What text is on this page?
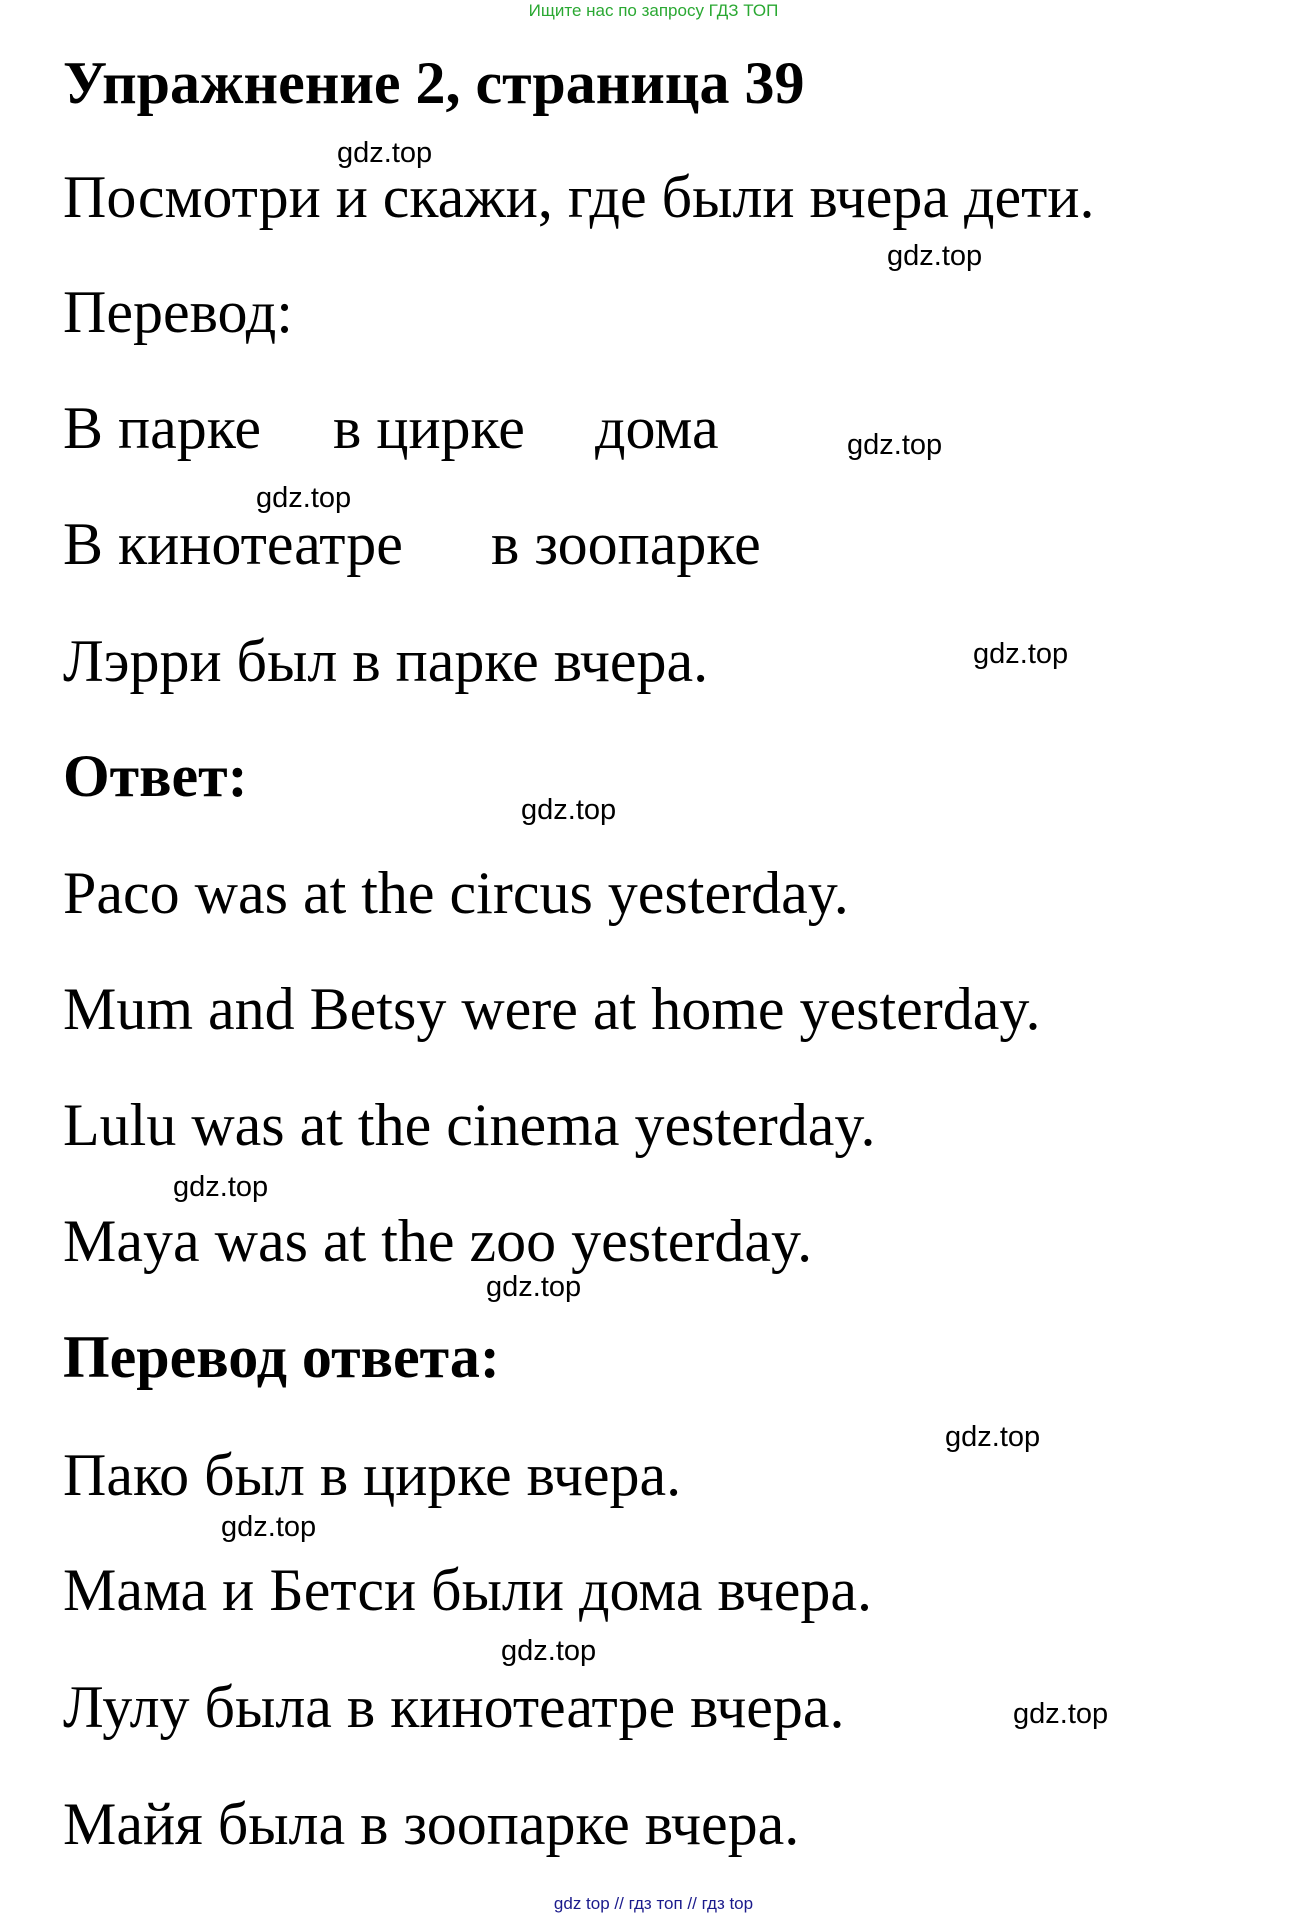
Ищите нас по запросу ГДЗ ТОП
Упражнение 2, страница 39
gdz.top
Посмотри и скажи, где были вчера дети.
gdz.top
Перевод:
В парке в цирке дома	gdz.top
gdz.top
В кинотеатре в зоопарке
Лэрри был в парке вчера.	gdz.top
Ответ:
gdz.top
Paco was at the circus yesterday.
Mum and Betsy were at home yesterday.
Lulu was at the cinema yesterday.
gdz.top
Maya was at the zoo yesterday.
gdz.top
Перевод ответа:
gdz.top
Пако был в цирке вчера.
gdz.top
Мама и Бетси были дома вчера.
gdz.top
Лулу была в кинотеатре вчера.	gdz.top
Майя была в зоопарке вчера.
gdz top // гдз топ // гдз top
